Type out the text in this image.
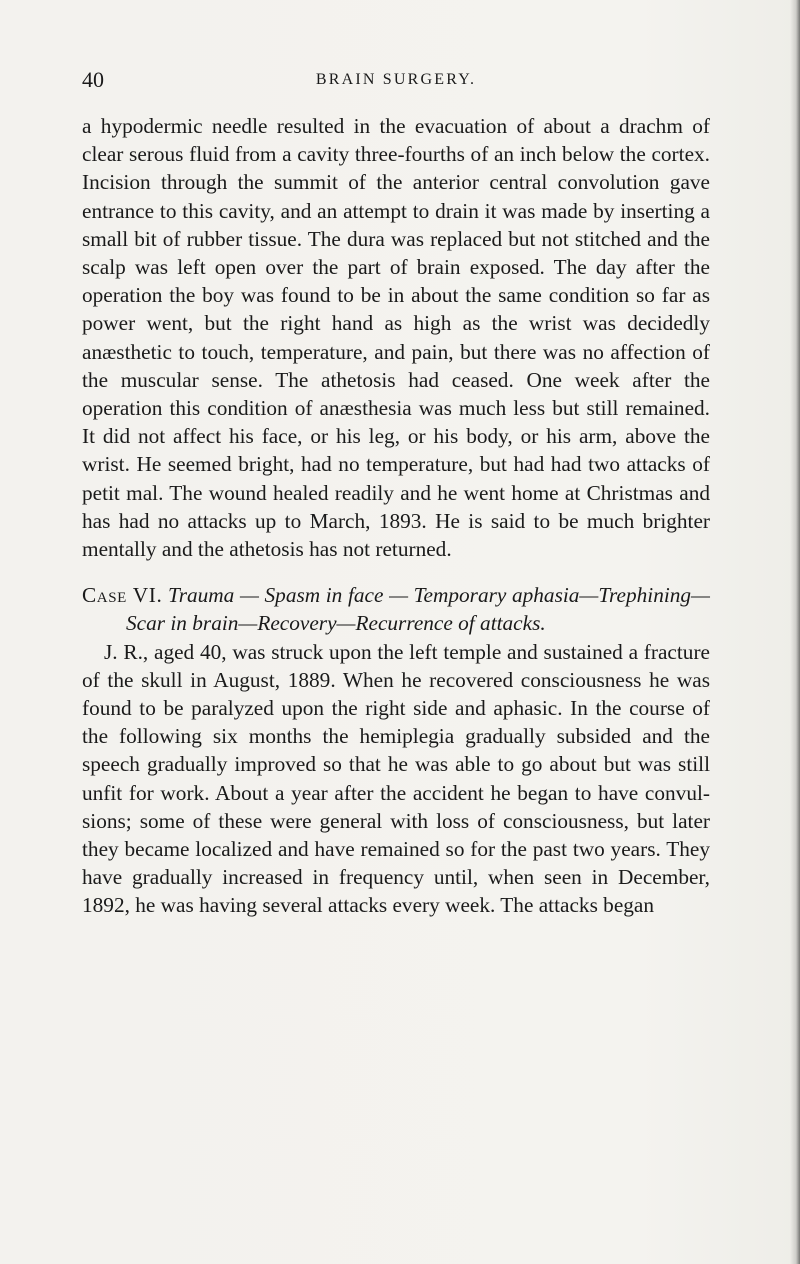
40	BRAIN SURGERY.

a hypodermic needle resulted in the evacuation of about a drachm of clear serous fluid from a cavity three-fourths of an inch below the cortex. Incision through the summit of the anterior central convolution gave entrance to this cavity, and an attempt to drain it was made by inserting a small bit of rubber tissue. The dura was replaced but not stitched and the scalp was left open over the part of brain exposed. The day after the operation the boy was found to be in about the same condition so far as power went, but the right hand as high as the wrist was decidedly anæsthetic to touch, temperature, and pain, but there was no affection of the muscular sense. The athetosis had ceased. One week after the operation this condition of anæsthesia was much less but still remained. It did not affect his face, or his leg, or his body, or his arm, above the wrist. He seemed bright, had no temperature, but had had two attacks of petit mal. The wound healed readily and he went home at Christmas and has had no attacks up to March, 1893. He is said to be much brighter mentally and the athetosis has not returned.

Case VI. Trauma — Spasm in face — Temporary aphasia—Trephining—Scar in brain—Recovery—Recurrence of attacks.

J. R., aged 40, was struck upon the left temple and sustained a fracture of the skull in August, 1889. When he recovered consciousness he was found to be paralyzed upon the right side and aphasic. In the course of the following six months the hemiplegia gradually subsided and the speech gradually improved so that he was able to go about but was still unfit for work. About a year after the accident he began to have convulsions; some of these were general with loss of consciousness, but later they became localized and have remained so for the past two years. They have gradually increased in frequency until, when seen in December, 1892, he was having several attacks every week. The attacks began
